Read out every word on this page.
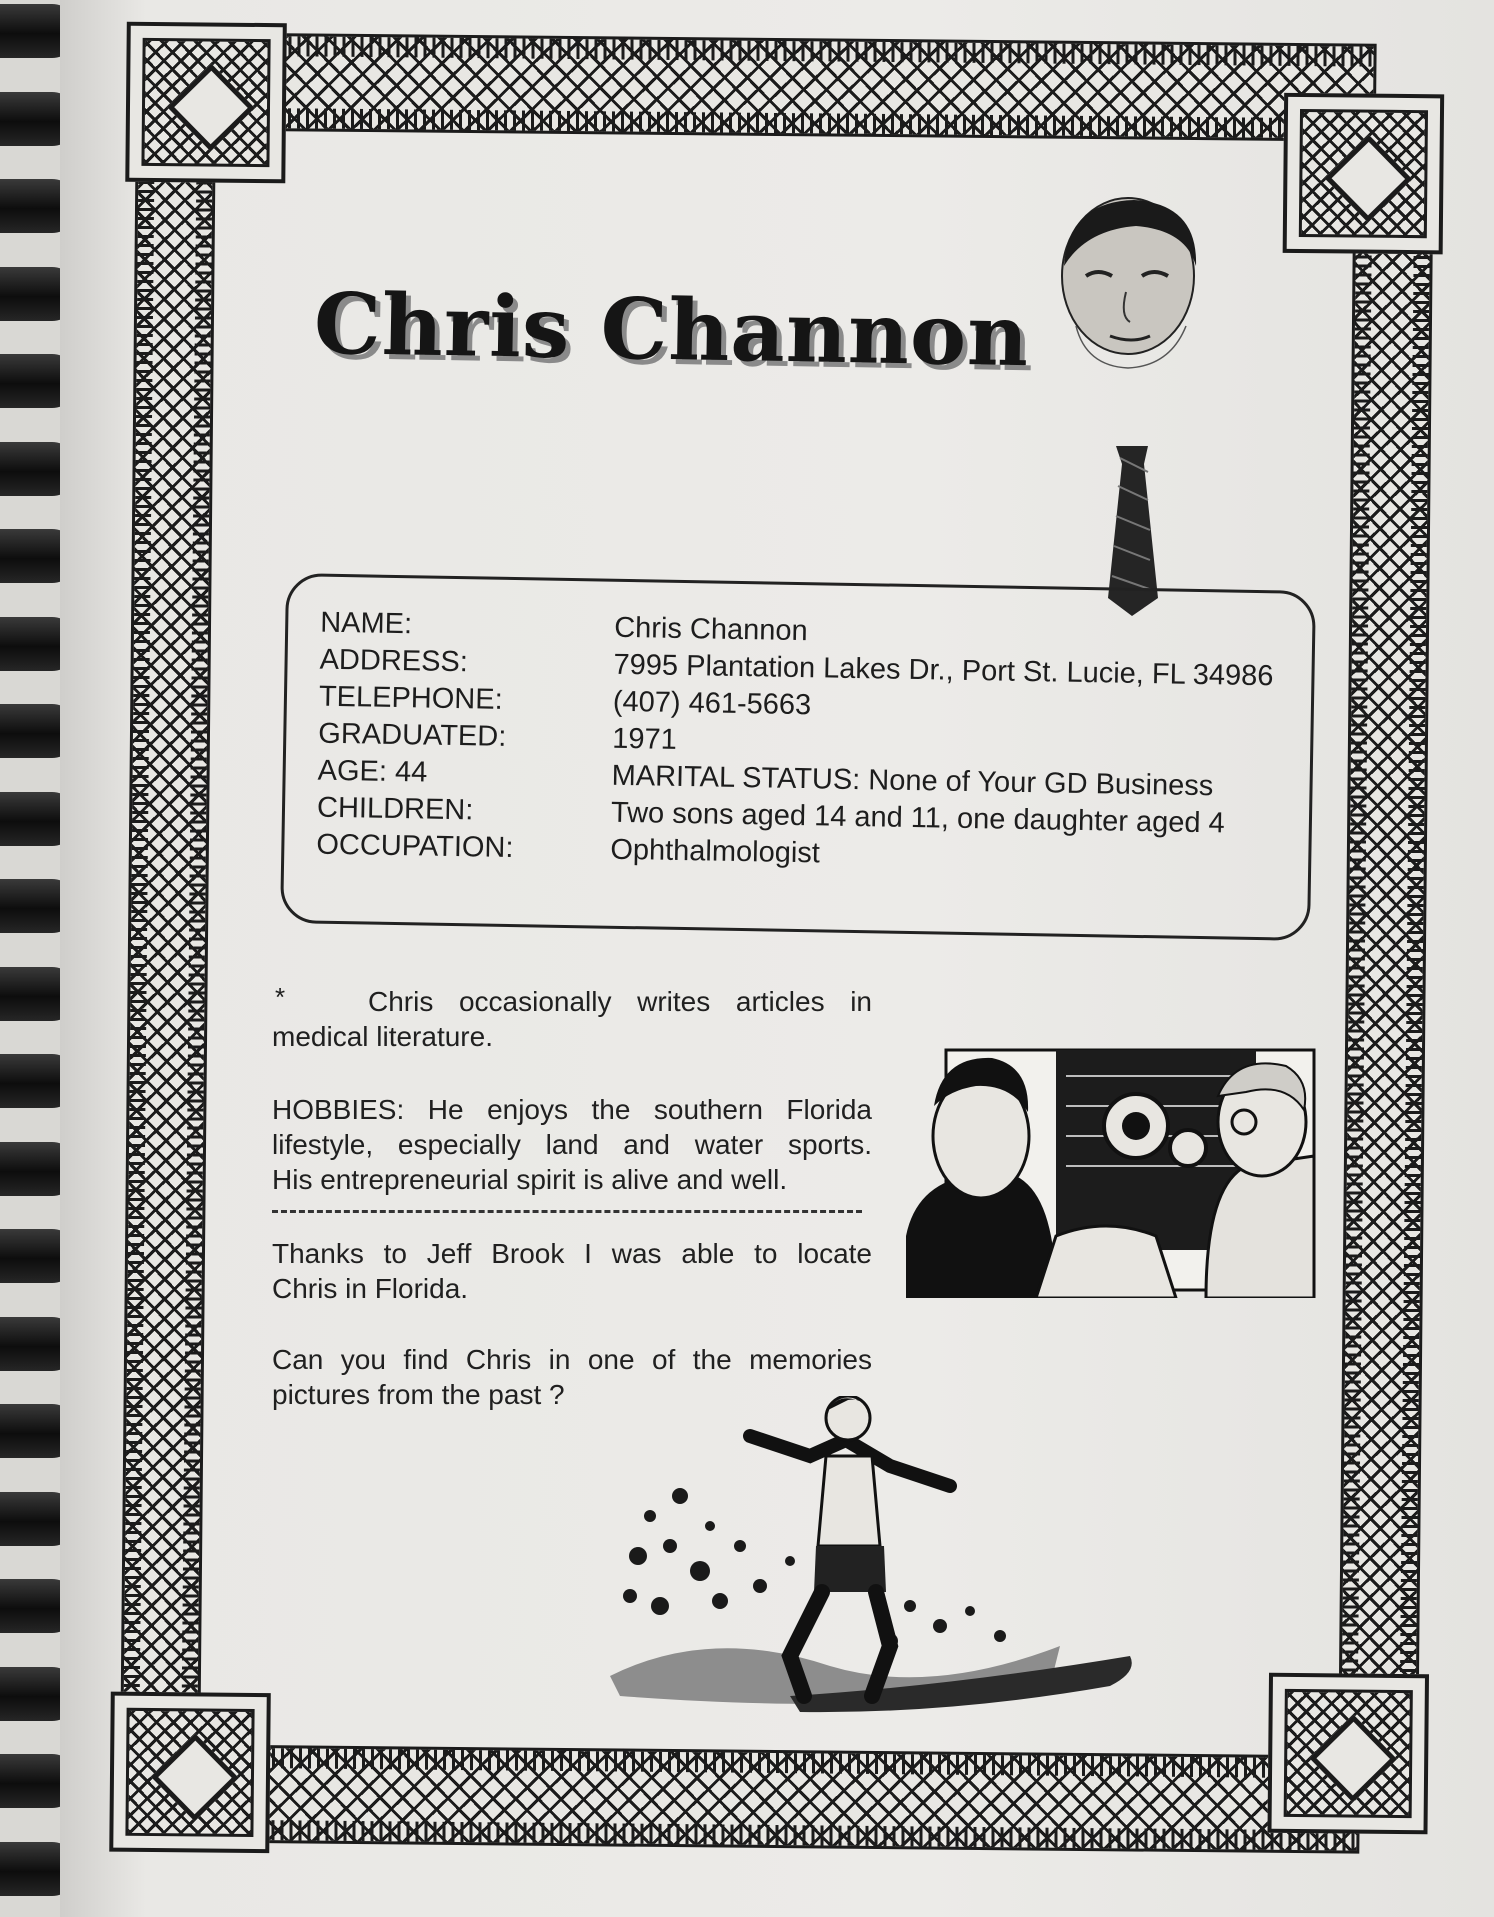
Chris Channon
NAME:	Chris Channon
ADDRESS:	7995 Plantation Lakes Dr., Port St. Lucie, FL 34986
TELEPHONE:	(407) 461-5663
GRADUATED:	1971
AGE: 44	MARITAL STATUS: None of Your GD Business
CHILDREN:	Two sons aged 14 and 11, one daughter aged 4
OCCUPATION:	Ophthalmologist
*	Chris occasionally writes articles in
medical literature.
HOBBIES: He enjoys the southern Florida
lifestyle, especially land and water sports.
His entrepreneurial spirit is alive and well.
Thanks to Jeff Brook I was able to locate
Chris in Florida.
Can you find Chris in one of the memories
pictures from the past ?
